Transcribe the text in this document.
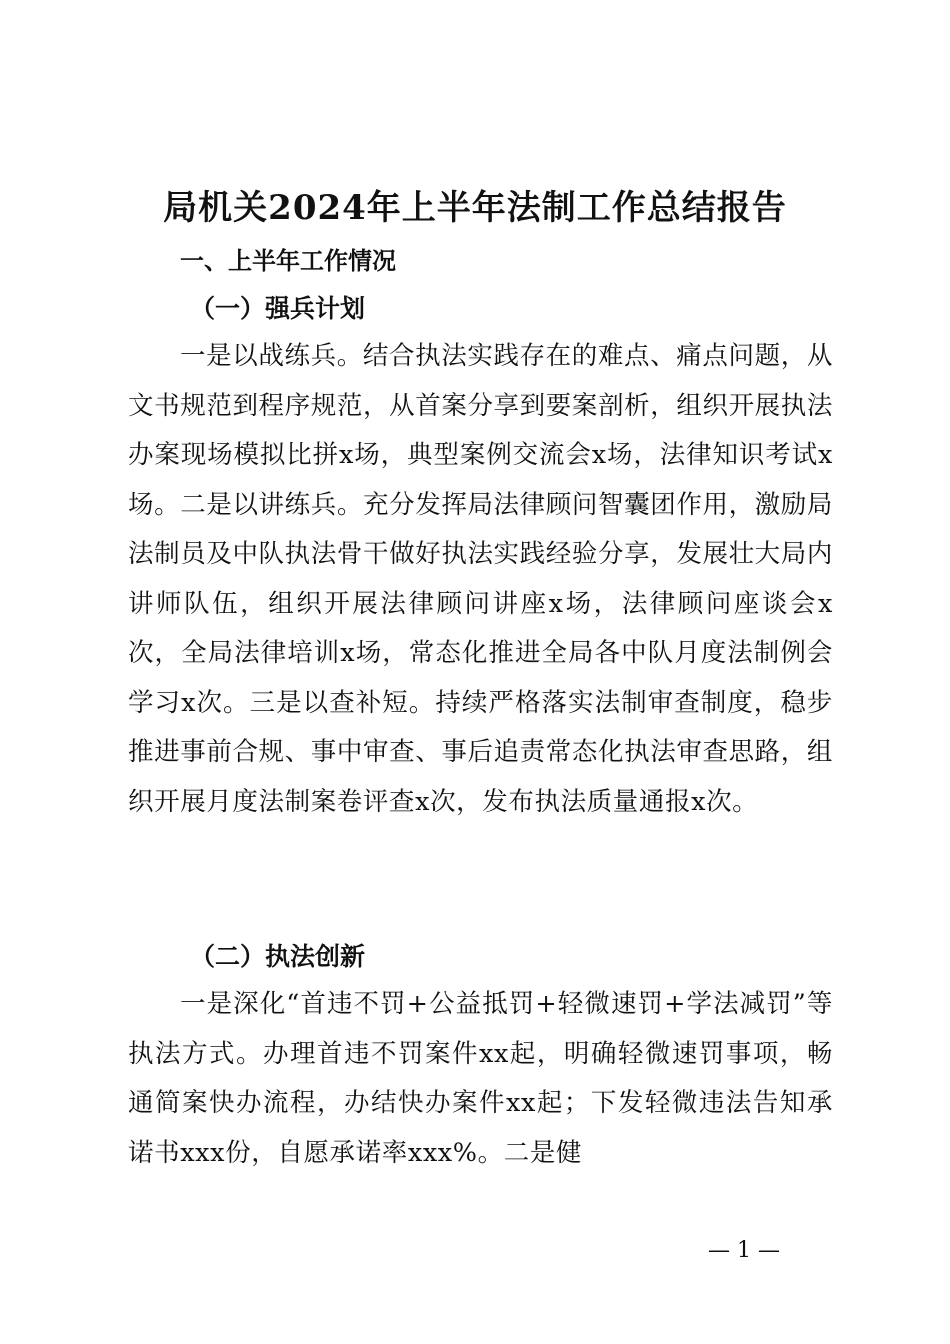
局机关2024年上半年法制工作总结报告
一、上半年工作情况
（一）强兵计划

一是以战练兵。结合执法实践存在的难点、痛点问题，从文书规范到程序规范，从首案分享到要案剖析，组织开展执法办案现场模拟比拼x场，典型案例交流会x场，法律知识考试x场。二是以讲练兵。充分发挥局法律顾问智囊团作用，激励局法制员及中队执法骨干做好执法实践经验分享，发展壮大局内讲师队伍，组织开展法律顾问讲座x场，法律顾问座谈会x次，全局法律培训x场，常态化推进全局各中队月度法制例会学习x次。三是以查补短。持续严格落实法制审查制度，稳步推进事前合规、事中审查、事后追责常态化执法审查思路，组织开展月度法制案卷评查x次，发布执法质量通报x次。

（二）执法创新

一是深化“首违不罚+公益抵罚+轻微速罚+学法减罚”等执法方式。办理首违不罚案件xx起，明确轻微速罚事项，畅通简案快办流程，办结快办案件xx起；下发轻微违法告知承诺书xxx份，自愿承诺率xxx%。二是健

— 1 —
